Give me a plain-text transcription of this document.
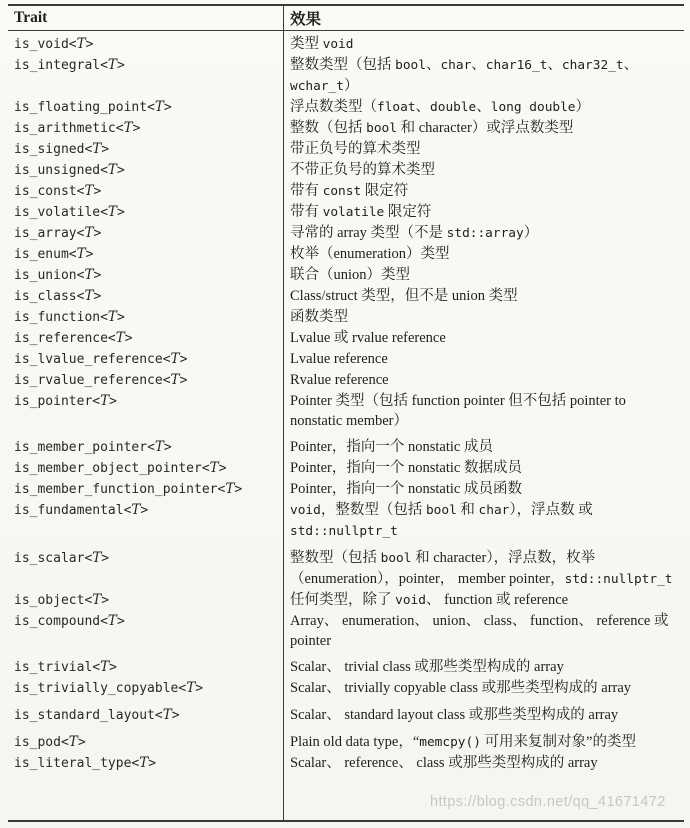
Trait	效果
is_void<T>	类型 void
is_integral<T>	整数类型（包括 bool、char、char16_t、char32_t、wchar_t）
is_floating_point<T>	浮点数类型（float、double、long double）
is_arithmetic<T>	整数（包括 bool 和 character）或浮点数类型
is_signed<T>	带正负号的算术类型
is_unsigned<T>	不带正负号的算术类型
is_const<T>	带有 const 限定符
is_volatile<T>	带有 volatile 限定符
is_array<T>	寻常的 array 类型（不是 std::array）
is_enum<T>	枚举（enumeration）类型
is_union<T>	联合（union）类型
is_class<T>	Class/struct 类型，但不是 union 类型
is_function<T>	函数类型
is_reference<T>	Lvalue 或 rvalue reference
is_lvalue_reference<T>	Lvalue reference
is_rvalue_reference<T>	Rvalue reference
is_pointer<T>	Pointer 类型（包括 function pointer 但不包括 pointer to nonstatic member）
is_member_pointer<T>	Pointer，指向一个 nonstatic 成员
is_member_object_pointer<T>	Pointer，指向一个 nonstatic 数据成员
is_member_function_pointer<T>	Pointer，指向一个 nonstatic 成员函数
is_fundamental<T>	void，整数型（包括 bool 和 char），浮点数 或std::nullptr_t
is_scalar<T>	整数型（包括 bool 和 character），浮点数，枚举（enumeration），pointer， member pointer，std::nullptr_t
is_object<T>	任何类型，除了 void、 function 或 reference
is_compound<T>	Array、 enumeration、 union、 class、 function、 reference 或 pointer
is_trivial<T>	Scalar、 trivial class 或那些类型构成的 array
is_trivially_copyable<T>	Scalar、 trivially copyable class 或那些类型构成的 array
is_standard_layout<T>	Scalar、 standard layout class 或那些类型构成的 array
is_pod<T>	Plain old data type，“memcpy() 可用来复制对象”的类型
is_literal_type<T>	Scalar、 reference、 class 或那些类型构成的 array
https://blog.csdn.net/qq_41671472
